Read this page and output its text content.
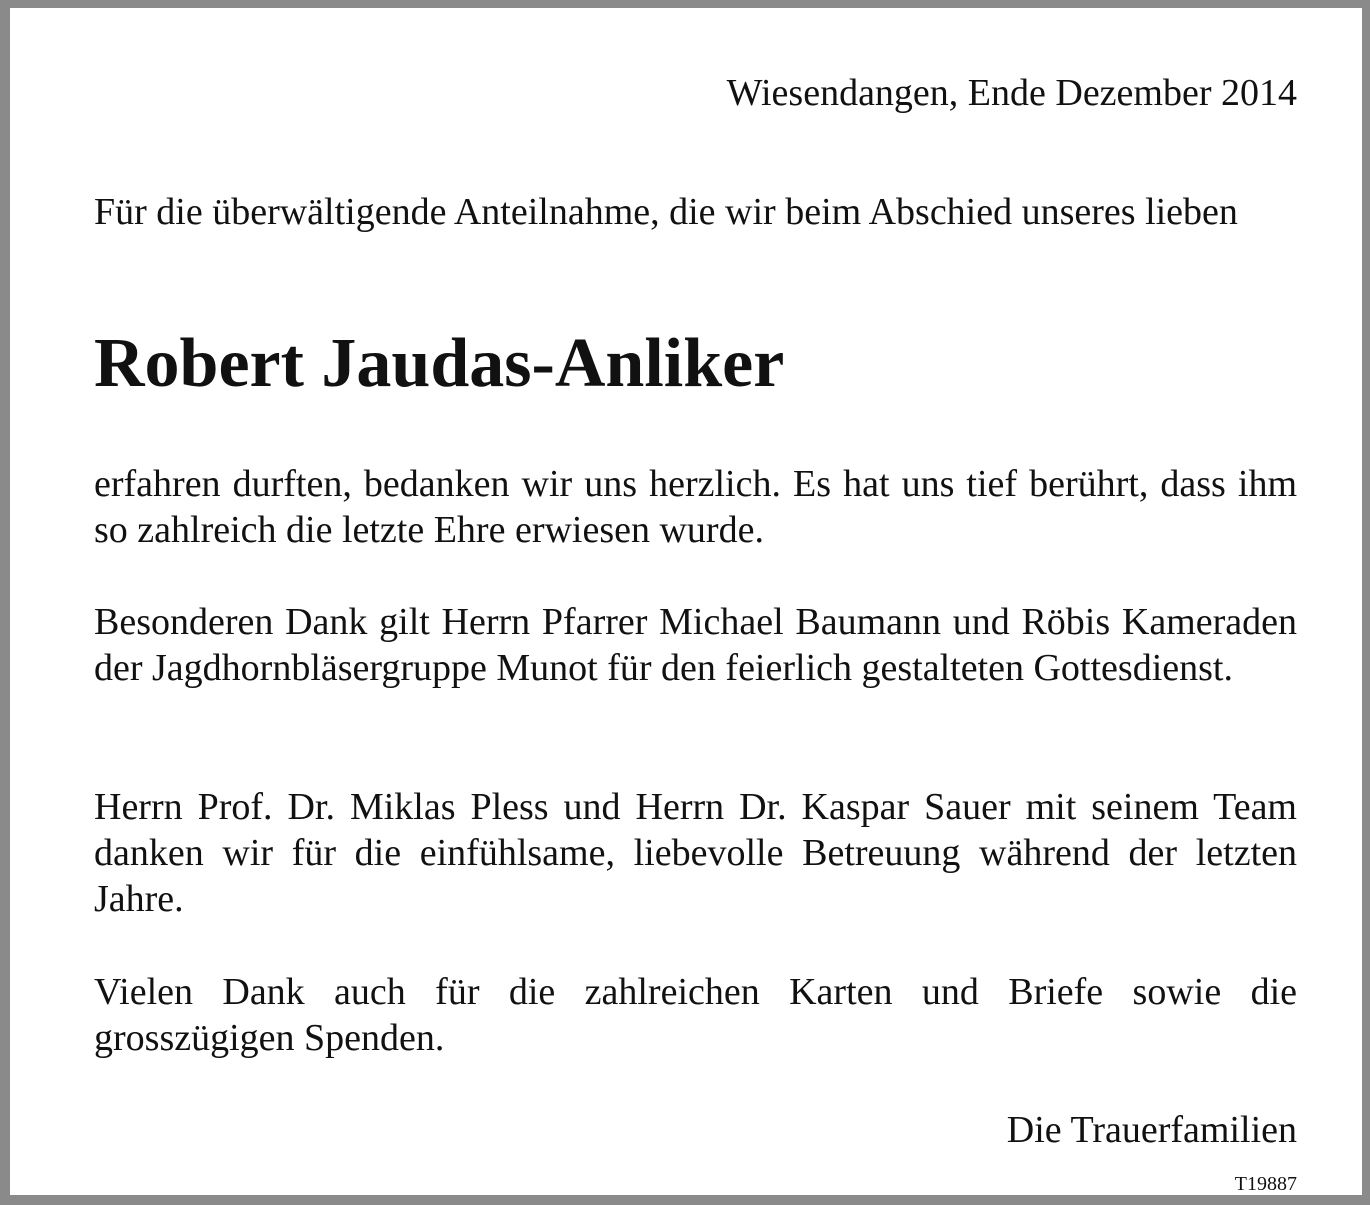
Wiesendangen, Ende Dezember 2014

Für die überwältigende Anteilnahme, die wir beim Abschied unseres lieben

Robert Jaudas-Anliker

erfahren durften, bedanken wir uns herzlich. Es hat uns tief berührt, dass ihm so zahlreich die letzte Ehre erwiesen wurde.

Besonderen Dank gilt Herrn Pfarrer Michael Baumann und Röbis Kameraden der Jagdhornbläsergruppe Munot für den feierlich gestalteten Gottesdienst.

Herrn Prof. Dr. Miklas Pless und Herrn Dr. Kaspar Sauer mit seinem Team danken wir für die einfühlsame, liebevolle Betreuung während der letzten Jahre.

Vielen Dank auch für die zahlreichen Karten und Briefe sowie die grosszügigen Spenden.

Die Trauerfamilien
T19887
